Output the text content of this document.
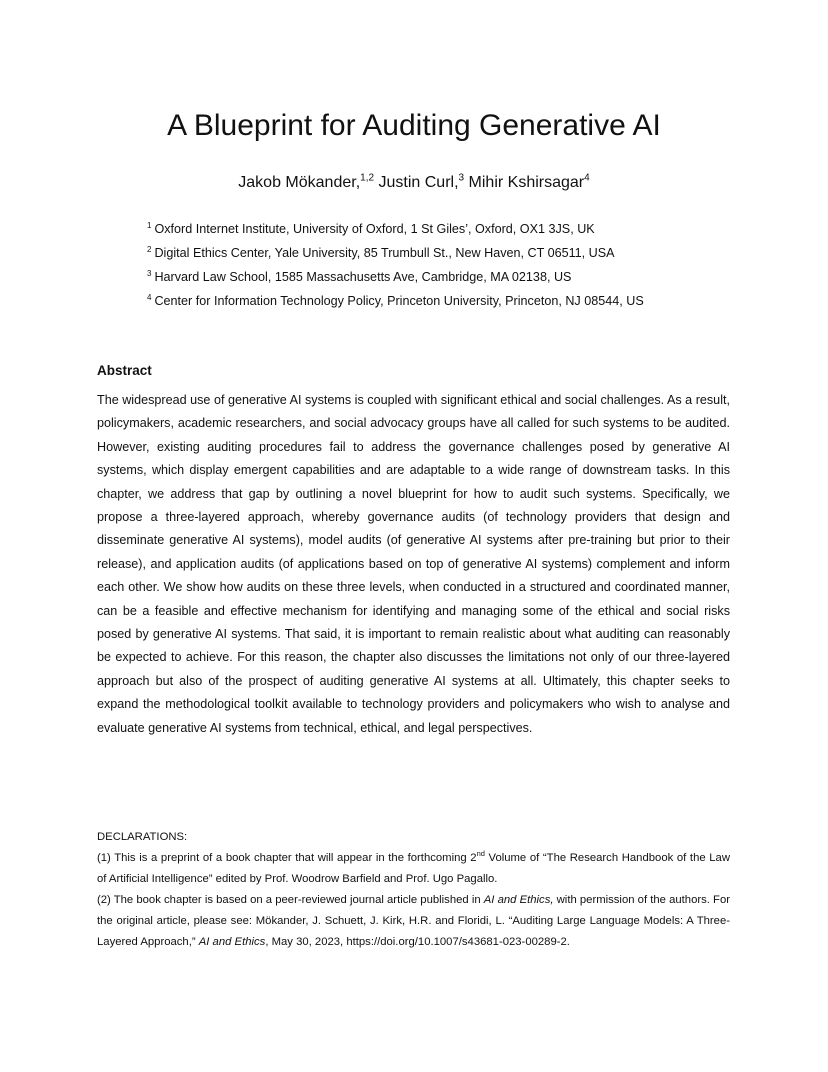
A Blueprint for Auditing Generative AI
Jakob Mökander,$^{1,2}$ Justin Curl,$^3$ Mihir Kshirsagar$^4$
$^1$ Oxford Internet Institute, University of Oxford, 1 St Giles’, Oxford, OX1 3JS, UK
$^2$ Digital Ethics Center, Yale University, 85 Trumbull St., New Haven, CT 06511, USA
$^3$ Harvard Law School, 1585 Massachusetts Ave, Cambridge, MA 02138, US
$^4$ Center for Information Technology Policy, Princeton University, Princeton, NJ 08544, US
Abstract

The widespread use of generative AI systems is coupled with significant ethical and social challenges. As a result, policymakers, academic researchers, and social advocacy groups have all called for such systems to be audited. However, existing auditing procedures fail to address the governance challenges posed by generative AI systems, which display emergent capabilities and are adaptable to a wide range of downstream tasks. In this chapter, we address that gap by outlining a novel blueprint for how to audit such systems. Specifically, we propose a three-layered approach, whereby governance audits (of technology providers that design and disseminate generative AI systems), model audits (of generative AI systems after pre-training but prior to their release), and application audits (of applications based on top of generative AI systems) complement and inform each other. We show how audits on these three levels, when conducted in a structured and coordinated manner, can be a feasible and effective mechanism for identifying and managing some of the ethical and social risks posed by generative AI systems. That said, it is important to remain realistic about what auditing can reasonably be expected to achieve. For this reason, the chapter also discusses the limitations not only of our three-layered approach but also of the prospect of auditing generative AI systems at all. Ultimately, this chapter seeks to expand the methodological toolkit available to technology providers and policymakers who wish to analyse and evaluate generative AI systems from technical, ethical, and legal perspectives.

DECLARATIONS:

(1) This is a preprint of a book chapter that will appear in the forthcoming 2nd Volume of “The Research Handbook of the Law of Artificial Intelligence” edited by Prof. Woodrow Barfield and Prof. Ugo Pagallo.

(2) The book chapter is based on a peer-reviewed journal article published in AI and Ethics, with permission of the authors. For the original article, please see: Mökander, J. Schuett, J. Kirk, H.R. and Floridi, L. “Auditing Large Language Models: A Three-Layered Approach,” AI and Ethics, May 30, 2023, https://doi.org/10.1007/s43681-023-00289-2.
